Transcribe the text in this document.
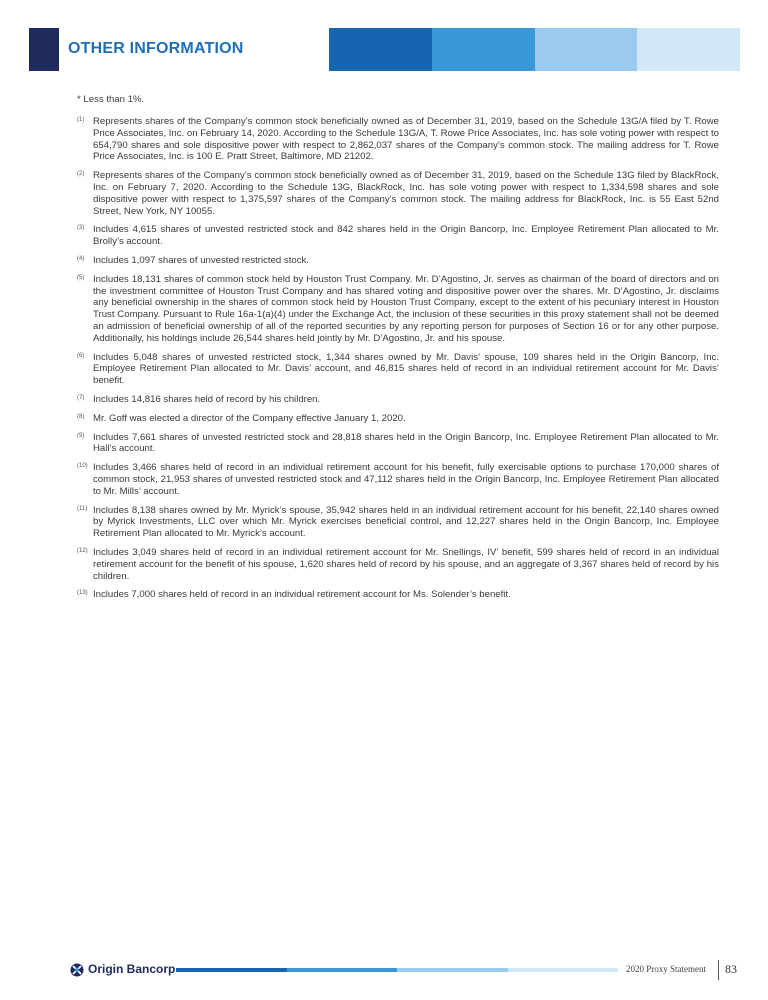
OTHER INFORMATION

* Less than 1%.

(1) Represents shares of the Company’s common stock beneficially owned as of December 31, 2019, based on the Schedule 13G/A filed by T. Rowe Price Associates, Inc. on February 14, 2020. According to the Schedule 13G/A, T. Rowe Price Associates, Inc. has sole voting power with respect to 654,790 shares and sole dispositive power with respect to 2,862,037 shares of the Company’s common stock. The mailing address for T. Rowe Price Associates, Inc. is 100 E. Pratt Street, Baltimore, MD 21202.
(2) Represents shares of the Company’s common stock beneficially owned as of December 31, 2019, based on the Schedule 13G filed by BlackRock, Inc. on February 7, 2020. According to the Schedule 13G, BlackRock, Inc. has sole voting power with respect to 1,334,598 shares and sole dispositive power with respect to 1,375,597 shares of the Company’s common stock. The mailing address for BlackRock, Inc. is 55 East 52nd Street, New York, NY 10055.
(3) Includes 4,615 shares of unvested restricted stock and 842 shares held in the Origin Bancorp, Inc. Employee Retirement Plan allocated to Mr. Brolly’s account.
(4) Includes 1,097 shares of unvested restricted stock.
(5) Includes 18,131 shares of common stock held by Houston Trust Company. Mr. D’Agostino, Jr. serves as chairman of the board of directors and on the investment committee of Houston Trust Company and has shared voting and dispositive power over the shares. Mr. D’Agostino, Jr. disclaims any beneficial ownership in the shares of common stock held by Houston Trust Company, except to the extent of his pecuniary interest in Houston Trust Company. Pursuant to Rule 16a-1(a)(4) under the Exchange Act, the inclusion of these securities in this proxy statement shall not be deemed an admission of beneficial ownership of all of the reported securities by any reporting person for purposes of Section 16 or for any other purpose. Additionally, his holdings include 26,544 shares held jointly by Mr. D’Agostino, Jr. and his spouse.
(6) Includes 5,048 shares of unvested restricted stock, 1,344 shares owned by Mr. Davis’ spouse, 109 shares held in the Origin Bancorp, Inc. Employee Retirement Plan allocated to Mr. Davis’ account, and 46,815 shares held of record in an individual retirement account for Mr. Davis’ benefit.
(7) Includes 14,816 shares held of record by his children.
(8) Mr. Goff was elected a director of the Company effective January 1, 2020.
(9) Includes 7,661 shares of unvested restricted stock and 28,818 shares held in the Origin Bancorp, Inc. Employee Retirement Plan allocated to Mr. Hall’s account.
(10) Includes 3,466 shares held of record in an individual retirement account for his benefit, fully exercisable options to purchase 170,000 shares of common stock, 21,953 shares of unvested restricted stock and 47,112 shares held in the Origin Bancorp, Inc. Employee Retirement Plan allocated to Mr. Mills’ account.
(11) Includes 8,138 shares owned by Mr. Myrick’s spouse, 35,942 shares held in an individual retirement account for his benefit, 22,140 shares owned by Myrick Investments, LLC over which Mr. Myrick exercises beneficial control, and 12,227 shares held in the Origin Bancorp, Inc. Employee Retirement Plan allocated to Mr. Myrick’s account.
(12) Includes 3,049 shares held of record in an individual retirement account for Mr. Snellings, IV’ benefit, 599 shares held of record in an individual retirement account for the benefit of his spouse, 1,620 shares held of record by his spouse, and an aggregate of 3,367 shares held of record by his children.
(13) Includes 7,000 shares held of record in an individual retirement account for Ms. Solender’s benefit.
Origin Bancorp	2020 Proxy Statement 83
